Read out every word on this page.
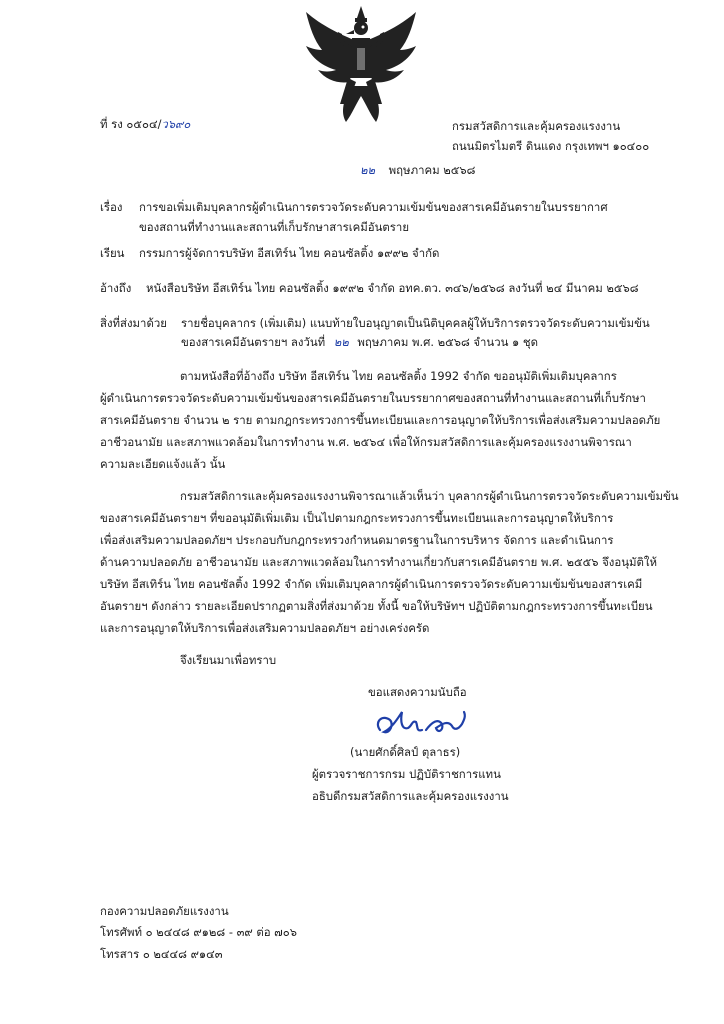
ที่ รง ๐๕๐๔/ว๖๙๐	กรมสวัสดิการและคุ้มครองแรงงาน
ถนนมิตรไมตรี ดินแดง กรุงเทพฯ ๑๐๔๐๐
๒๒ พฤษภาคม ๒๕๖๘
เรื่อง การขอเพิ่มเติมบุคลากรผู้ดำเนินการตรวจวัดระดับความเข้มข้นของสารเคมีอันตรายในบรรยากาศ
ของสถานที่ทำงานและสถานที่เก็บรักษาสารเคมีอันตราย
เรียน กรรมการผู้จัดการบริษัท อีสเทิร์น ไทย คอนซัลติ้ง ๑๙๙๒ จำกัด
อ้างถึง หนังสือบริษัท อีสเทิร์น ไทย คอนซัลติ้ง ๑๙๙๒ จำกัด อทค.ตว. ๓๔๖/๒๕๖๘ ลงวันที่ ๒๔ มีนาคม ๒๕๖๘
สิ่งที่ส่งมาด้วย รายชื่อบุคลากร (เพิ่มเติม) แนบท้ายใบอนุญาตเป็นนิติบุคคลผู้ให้บริการตรวจวัดระดับความเข้มข้น
ของสารเคมีอันตรายฯ ลงวันที่ ๒๒ พฤษภาคม พ.ศ. ๒๕๖๘ จำนวน ๑ ชุด
ตามหนังสือที่อ้างถึง บริษัท อีสเทิร์น ไทย คอนซัลติ้ง 1992 จำกัด ขออนุมัติเพิ่มเติมบุคลากร
ผู้ดำเนินการตรวจวัดระดับความเข้มข้นของสารเคมีอันตรายในบรรยากาศของสถานที่ทำงานและสถานที่เก็บรักษา
สารเคมีอันตราย จำนวน ๒ ราย ตามกฎกระทรวงการขึ้นทะเบียนและการอนุญาตให้บริการเพื่อส่งเสริมความปลอดภัย
อาชีวอนามัย และสภาพแวดล้อมในการทำงาน พ.ศ. ๒๕๖๔ เพื่อให้กรมสวัสดิการและคุ้มครองแรงงานพิจารณา
ความละเอียดแจ้งแล้ว นั้น
กรมสวัสดิการและคุ้มครองแรงงานพิจารณาแล้วเห็นว่า บุคลากรผู้ดำเนินการตรวจวัดระดับความเข้มข้น
ของสารเคมีอันตรายฯ ที่ขออนุมัติเพิ่มเติม เป็นไปตามกฎกระทรวงการขึ้นทะเบียนและการอนุญาตให้บริการ
เพื่อส่งเสริมความปลอดภัยฯ ประกอบกับกฎกระทรวงกำหนดมาตรฐานในการบริหาร จัดการ และดำเนินการ
ด้านความปลอดภัย อาชีวอนามัย และสภาพแวดล้อมในการทำงานเกี่ยวกับสารเคมีอันตราย พ.ศ. ๒๕๕๖ จึงอนุมัติให้
บริษัท อีสเทิร์น ไทย คอนซัลติ้ง 1992 จำกัด เพิ่มเติมบุคลากรผู้ดำเนินการตรวจวัดระดับความเข้มข้นของสารเคมี
อันตรายฯ ดังกล่าว รายละเอียดปรากฏตามสิ่งที่ส่งมาด้วย ทั้งนี้ ขอให้บริษัทฯ ปฏิบัติตามกฎกระทรวงการขึ้นทะเบียน
และการอนุญาตให้บริการเพื่อส่งเสริมความปลอดภัยฯ อย่างเคร่งครัด
จึงเรียนมาเพื่อทราบ
ขอแสดงความนับถือ
(นายศักดิ์ศิลป์ ตุลาธร)
ผู้ตรวจราชการกรม ปฏิบัติราชการแทน
อธิบดีกรมสวัสดิการและคุ้มครองแรงงาน
กองความปลอดภัยแรงงาน
โทรศัพท์ ๐ ๒๔๔๘ ๙๑๒๘ - ๓๙ ต่อ ๗๐๖
โทรสาร ๐ ๒๔๔๘ ๙๑๔๓
